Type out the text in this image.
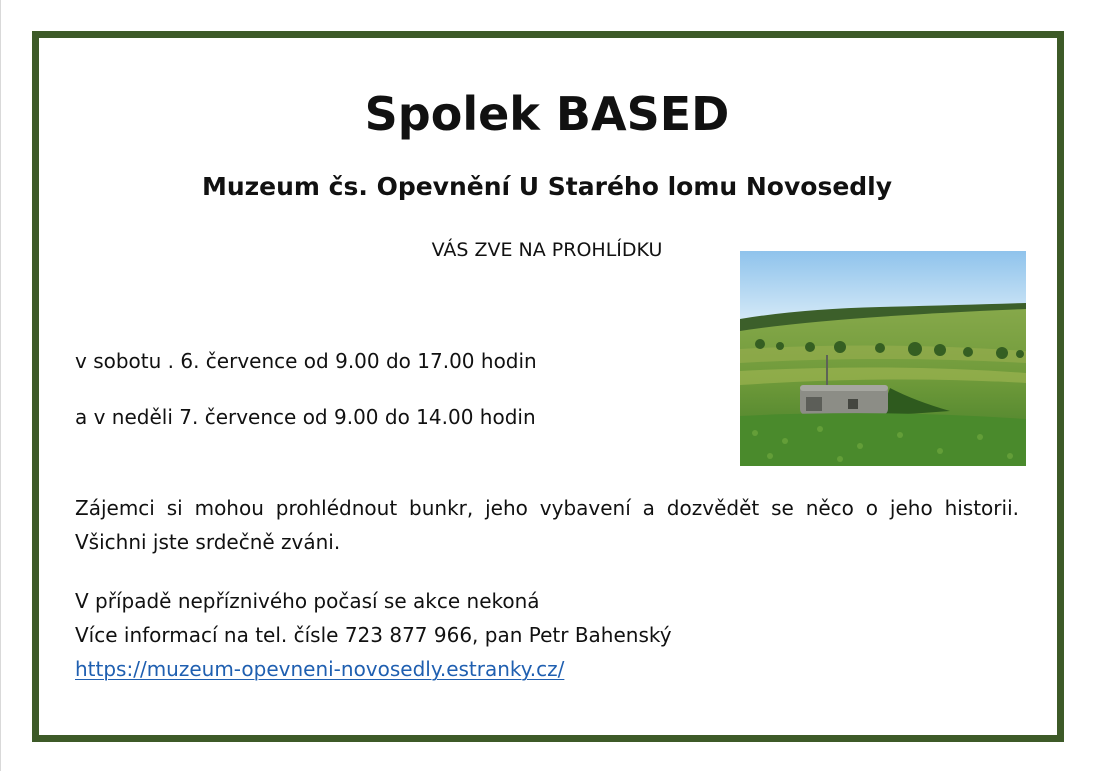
Spolek BASED
Muzeum čs. Opevnění U Starého lomu Novosedly
VÁS ZVE NA PROHLÍDKU
v sobotu . 6. července od 9.00 do 17.00 hodin
a v neděli 7. července od 9.00 do 14.00 hodin
Zájemci si mohou prohlédnout bunkr, jeho vybavení a dozvědět se něco o jeho historii. Všichni jste srdečně zváni.
V případě nepříznivého počasí se akce nekoná
Více informací na tel. čísle 723 877 966, pan Petr Bahenský
https://muzeum-opevneni-novosedly.estranky.cz/
